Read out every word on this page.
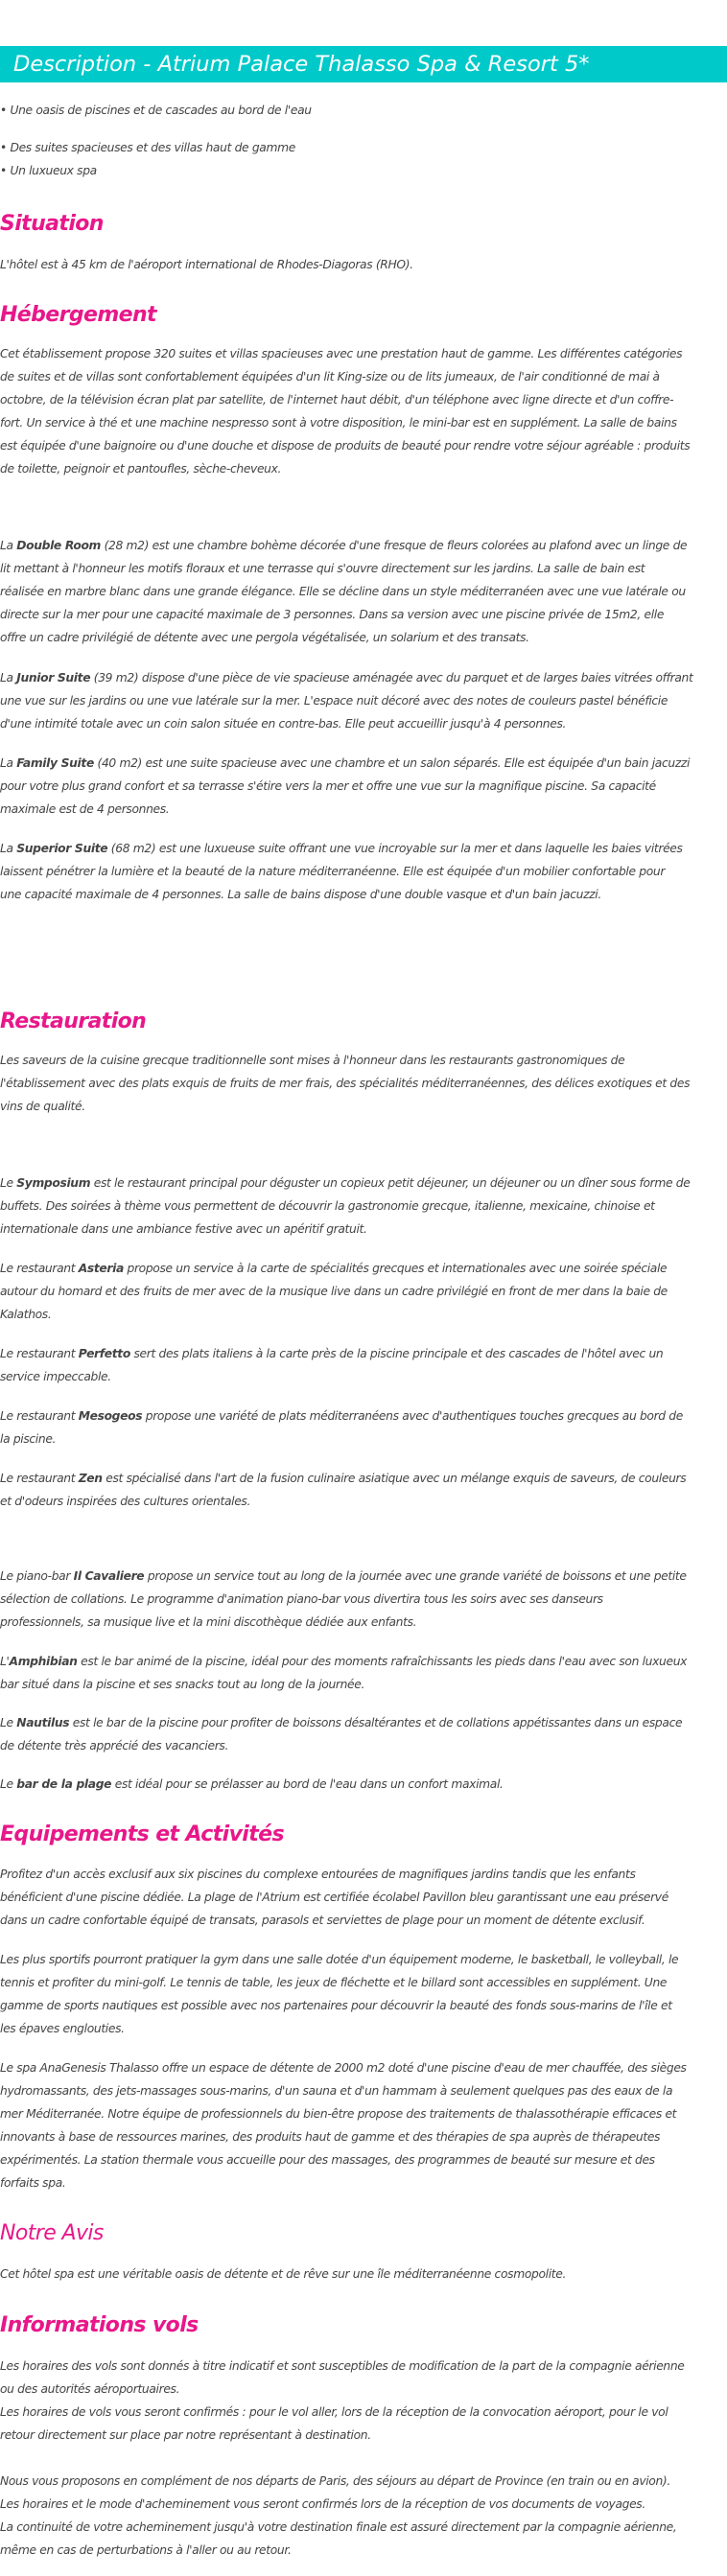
Description - Atrium Palace Thalasso Spa & Resort 5*
• Une oasis de piscines et de cascades au bord de l'eau
• Des suites spacieuses et des villas haut de gamme
• Un luxueux spa
Situation
L'hôtel est à 45 km de l'aéroport international de Rhodes-Diagoras (RHO).
Hébergement
Cet établissement propose 320 suites et villas spacieuses avec une prestation haut de gamme. Les différentes catégories
de suites et de villas sont confortablement équipées d'un lit King-size ou de lits jumeaux, de l'air conditionné de mai à
octobre, de la télévision écran plat par satellite, de l'internet haut débit, d'un téléphone avec ligne directe et d'un coffre-
fort. Un service à thé et une machine nespresso sont à votre disposition, le mini-bar est en supplément. La salle de bains
est équipée d'une baignoire ou d'une douche et dispose de produits de beauté pour rendre votre séjour agréable : produits
de toilette, peignoir et pantoufles, sèche-cheveux.
La Double Room (28 m2) est une chambre bohème décorée d'une fresque de fleurs colorées au plafond avec un linge de
lit mettant à l'honneur les motifs floraux et une terrasse qui s'ouvre directement sur les jardins. La salle de bain est
réalisée en marbre blanc dans une grande élégance. Elle se décline dans un style méditerranéen avec une vue latérale ou
directe sur la mer pour une capacité maximale de 3 personnes. Dans sa version avec une piscine privée de 15m2, elle
offre un cadre privilégié de détente avec une pergola végétalisée, un solarium et des transats.
La Junior Suite (39 m2) dispose d'une pièce de vie spacieuse aménagée avec du parquet et de larges baies vitrées offrant
une vue sur les jardins ou une vue latérale sur la mer. L'espace nuit décoré avec des notes de couleurs pastel bénéficie
d'une intimité totale avec un coin salon située en contre-bas. Elle peut accueillir jusqu'à 4 personnes.
La Family Suite (40 m2) est une suite spacieuse avec une chambre et un salon séparés. Elle est équipée d'un bain jacuzzi
pour votre plus grand confort et sa terrasse s'étire vers la mer et offre une vue sur la magnifique piscine. Sa capacité
maximale est de 4 personnes.
La Superior Suite (68 m2) est une luxueuse suite offrant une vue incroyable sur la mer et dans laquelle les baies vitrées
laissent pénétrer la lumière et la beauté de la nature méditerranéenne. Elle est équipée d'un mobilier confortable pour
une capacité maximale de 4 personnes. La salle de bains dispose d'une double vasque et d'un bain jacuzzi.
Restauration
Les saveurs de la cuisine grecque traditionnelle sont mises à l'honneur dans les restaurants gastronomiques de
l'établissement avec des plats exquis de fruits de mer frais, des spécialités méditerranéennes, des délices exotiques et des
vins de qualité.
Le Symposium est le restaurant principal pour déguster un copieux petit déjeuner, un déjeuner ou un dîner sous forme de
buffets. Des soirées à thème vous permettent de découvrir la gastronomie grecque, italienne, mexicaine, chinoise et
internationale dans une ambiance festive avec un apéritif gratuit.
Le restaurant Asteria propose un service à la carte de spécialités grecques et internationales avec une soirée spéciale
autour du homard et des fruits de mer avec de la musique live dans un cadre privilégié en front de mer dans la baie de
Kalathos.
Le restaurant Perfetto sert des plats italiens à la carte près de la piscine principale et des cascades de l'hôtel avec un
service impeccable.
Le restaurant Mesogeos propose une variété de plats méditerranéens avec d'authentiques touches grecques au bord de
la piscine.
Le restaurant Zen est spécialisé dans l'art de la fusion culinaire asiatique avec un mélange exquis de saveurs, de couleurs
et d'odeurs inspirées des cultures orientales.
Le piano-bar Il Cavaliere propose un service tout au long de la journée avec une grande variété de boissons et une petite
sélection de collations. Le programme d'animation piano-bar vous divertira tous les soirs avec ses danseurs
professionnels, sa musique live et la mini discothèque dédiée aux enfants.
L'Amphibian est le bar animé de la piscine, idéal pour des moments rafraîchissants les pieds dans l'eau avec son luxueux
bar situé dans la piscine et ses snacks tout au long de la journée.
Le Nautilus est le bar de la piscine pour profiter de boissons désaltérantes et de collations appétissantes dans un espace
de détente très apprécié des vacanciers.
Le bar de la plage est idéal pour se prélasser au bord de l'eau dans un confort maximal.
Equipements et Activités
Profitez d'un accès exclusif aux six piscines du complexe entourées de magnifiques jardins tandis que les enfants
bénéficient d'une piscine dédiée. La plage de l'Atrium est certifiée écolabel Pavillon bleu garantissant une eau préservé
dans un cadre confortable équipé de transats, parasols et serviettes de plage pour un moment de détente exclusif.
Les plus sportifs pourront pratiquer la gym dans une salle dotée d'un équipement moderne, le basketball, le volleyball, le
tennis et profiter du mini-golf. Le tennis de table, les jeux de fléchette et le billard sont accessibles en supplément. Une
gamme de sports nautiques est possible avec nos partenaires pour découvrir la beauté des fonds sous-marins de l'île et
les épaves englouties.
Le spa AnaGenesis Thalasso offre un espace de détente de 2000 m2 doté d'une piscine d'eau de mer chauffée, des sièges
hydromassants, des jets-massages sous-marins, d'un sauna et d'un hammam à seulement quelques pas des eaux de la
mer Méditerranée. Notre équipe de professionnels du bien-être propose des traitements de thalassothérapie efficaces et
innovants à base de ressources marines, des produits haut de gamme et des thérapies de spa auprès de thérapeutes
expérimentés. La station thermale vous accueille pour des massages, des programmes de beauté sur mesure et des
forfaits spa.
Notre Avis
Cet hôtel spa est une véritable oasis de détente et de rêve sur une île méditerranéenne cosmopolite.
Informations vols
Les horaires des vols sont donnés à titre indicatif et sont susceptibles de modification de la part de la compagnie aérienne
ou des autorités aéroportuaires.
Les horaires de vols vous seront confirmés : pour le vol aller, lors de la réception de la convocation aéroport, pour le vol
retour directement sur place par notre représentant à destination.
Nous vous proposons en complément de nos départs de Paris, des séjours au départ de Province (en train ou en avion).
Les horaires et le mode d'acheminement vous seront confirmés lors de la réception de vos documents de voyages.
La continuité de votre acheminement jusqu'à votre destination finale est assuré directement par la compagnie aérienne,
même en cas de perturbations à l'aller ou au retour.
